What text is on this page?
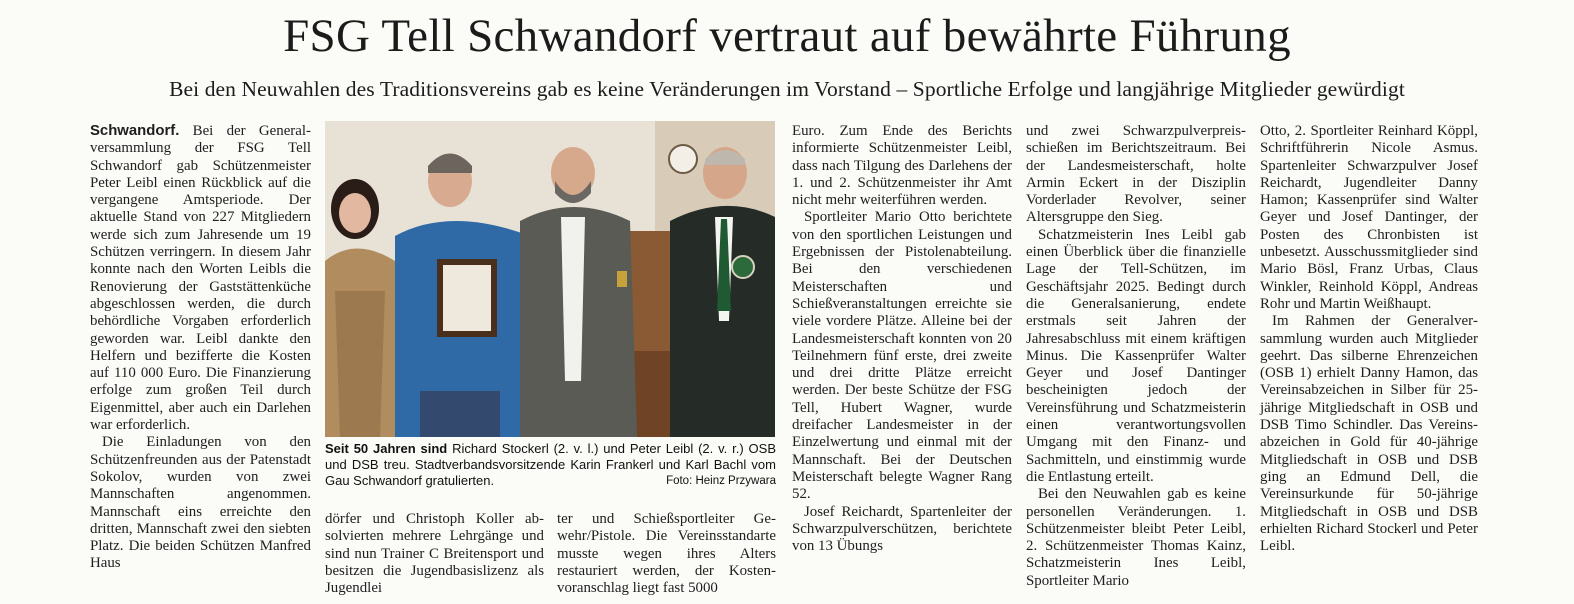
FSG Tell Schwandorf vertraut auf bewährte Führung
Bei den Neuwahlen des Traditionsvereins gab es keine Veränderungen im Vorstand – Sportliche Erfolge und langjährige Mitglieder gewürdigt

Schwandorf. Bei der Generalversammlung der FSG Tell Schwandorf gab Schützenmeister Peter Leibl einen Rückblick auf die vergangene Amtsperiode. Der aktuelle Stand von 227 Mitgliedern werde sich zum Jahresende um 19 Schützen verringern. In diesem Jahr konnte nach den Worten Leibls die Renovierung der Gaststättenküche abgeschlossen werden, die durch behördliche Vorgaben erforderlich geworden war. Leibl dankte den Helfern und bezifferte die Kosten auf 110 000 Euro. Die Finanzierung erfolge zum großen Teil durch Eigenmittel, aber auch ein Darlehen war erforderlich.

Die Einladungen von den Schützenfreunden aus der Patenstadt Sokolov, wurden von zwei Mannschaften angenommen. Mannschaft eins erreichte den dritten, Mannschaft zwei den siebten Platz. Die beiden Schützen Manfred Haus

Seit 50 Jahren sind Richard Stockerl (2. v. l.) und Peter Leibl (2. v. r.) OSB und DSB treu. Stadtverbandsvorsitzende Karin Frankerl und Karl Bachl vom Gau Schwandorf gratulierten.	Foto: Heinz Przywara

dörfer und Christoph Koller absolvierten mehrere Lehrgänge und sind nun Trainer C Breitensport und besitzen die Jugendbasislizenz als Jugendlei

ter und Schießsportleiter Gewehr/Pistole. Die Vereinsstandarte musste wegen ihres Alters restauriert werden, der Kostenvoranschlag liegt fast 5000

Euro. Zum Ende des Berichts informierte Schützenmeister Leibl, dass nach Tilgung des Darlehens der 1. und 2. Schützenmeister ihr Amt nicht mehr weiterführen werden.

Sportleiter Mario Otto berichtete von den sportlichen Leistungen und Ergebnissen der Pistolenabteilung. Bei den verschiedenen Meisterschaften und Schießveranstaltungen erreichte sie viele vordere Plätze. Alleine bei der Landesmeisterschaft konnten von 20 Teilnehmern fünf erste, drei zweite und drei dritte Plätze erreicht werden. Der beste Schütze der FSG Tell, Hubert Wagner, wurde dreifacher Landesmeister in der Einzelwertung und einmal mit der Mannschaft. Bei der Deutschen Meisterschaft belegte Wagner Rang 52.

Josef Reichardt, Spartenleiter der Schwarzpulverschützen, berichtete von 13 Übungs

und zwei Schwarzpulverpreisschießen im Berichtszeitraum. Bei der Landesmeisterschaft, holte Armin Eckert in der Disziplin Vorderlader Revolver, seiner Altersgruppe den Sieg.

Schatzmeisterin Ines Leibl gab einen Überblick über die finanzielle Lage der Tell-Schützen, im Geschäftsjahr 2025. Bedingt durch die Generalsanierung, endete erstmals seit Jahren der Jahresabschluss mit einem kräftigen Minus. Die Kassenprüfer Walter Geyer und Josef Dantinger bescheinigten jedoch der Vereinsführung und Schatzmeisterin einen verantwortungsvollen Umgang mit den Finanz- und Sachmitteln, und einstimmig wurde die Entlastung erteilt.

Bei den Neuwahlen gab es keine personellen Veränderungen. 1. Schützenmeister bleibt Peter Leibl, 2. Schützenmeister Thomas Kainz, Schatzmeisterin Ines Leibl, Sportleiter Mario

Otto, 2. Sportleiter Reinhard Köppl, Schriftführerin Nicole Asmus. Spartenleiter Schwarzpulver Josef Reichardt, Jugendleiter Danny Hamon; Kassenprüfer sind Walter Geyer und Josef Dantinger, der Posten des Chronbisten ist unbesetzt. Ausschussmitglieder sind Mario Bösl, Franz Urbas, Claus Winkler, Reinhold Köppl, Andreas Rohr und Martin Weißhaupt.

Im Rahmen der Generalversammlung wurden auch Mitglieder geehrt. Das silberne Ehrenzeichen (OSB 1) erhielt Danny Hamon, das Vereinsabzeichen in Silber für 25-jährige Mitgliedschaft in OSB und DSB Timo Schindler. Das Vereinsabzeichen in Gold für 40-jährige Mitgliedschaft in OSB und DSB ging an Edmund Dell, die Vereinsurkunde für 50-jährige Mitgliedschaft in OSB und DSB erhielten Richard Stockerl und Peter Leibl.
